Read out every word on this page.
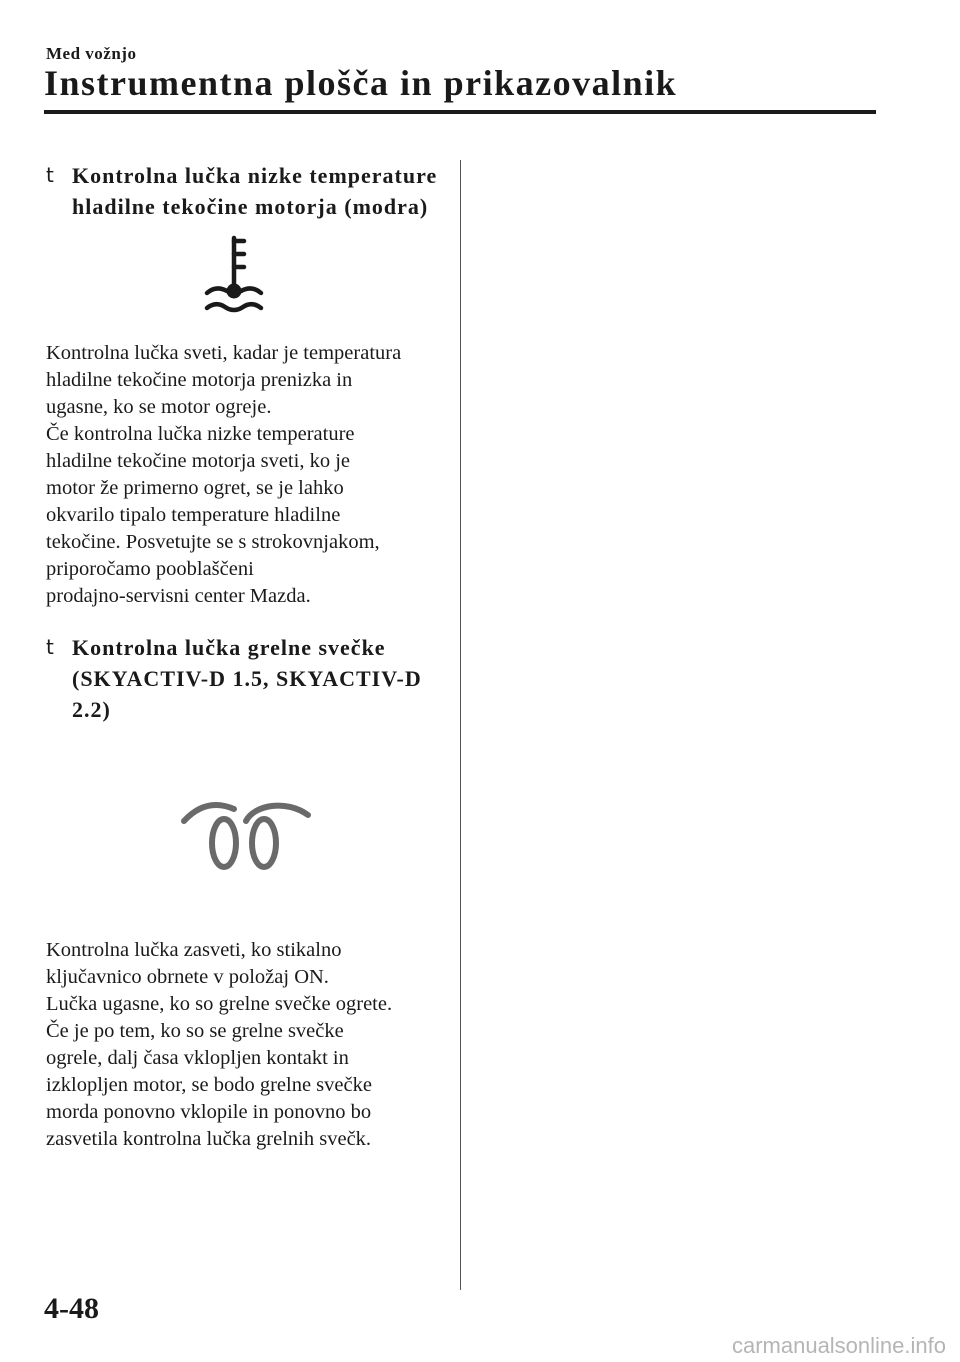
Med vožnjo
Instrumentna plošča in prikazovalnik
t Kontrolna lučka nizke temperature
hladilne tekočine motorja (modra)

Kontrolna lučka sveti, kadar je temperatura

hladilne tekočine motorja prenizka in

ugasne, ko se motor ogreje.

Če kontrolna lučka nizke temperature

hladilne tekočine motorja sveti, ko je

motor že primerno ogret, se je lahko

okvarilo tipalo temperature hladilne

tekočine. Posvetujte se s strokovnjakom,

priporočamo pooblaščeni

prodajno-servisni center Mazda.

t Kontrolna lučka grelne svečke
(SKYACTIV-D 1.5, SKYACTIV-D
2.2)

Kontrolna lučka zasveti, ko stikalno

ključavnico obrnete v položaj ON.

Lučka ugasne, ko so grelne svečke ogrete.

Če je po tem, ko so se grelne svečke

ogrele, dalj časa vklopljen kontakt in

izklopljen motor, se bodo grelne svečke

morda ponovno vklopile in ponovno bo

zasvetila kontrolna lučka grelnih svečk.

4-48
carmanualsonline.info
